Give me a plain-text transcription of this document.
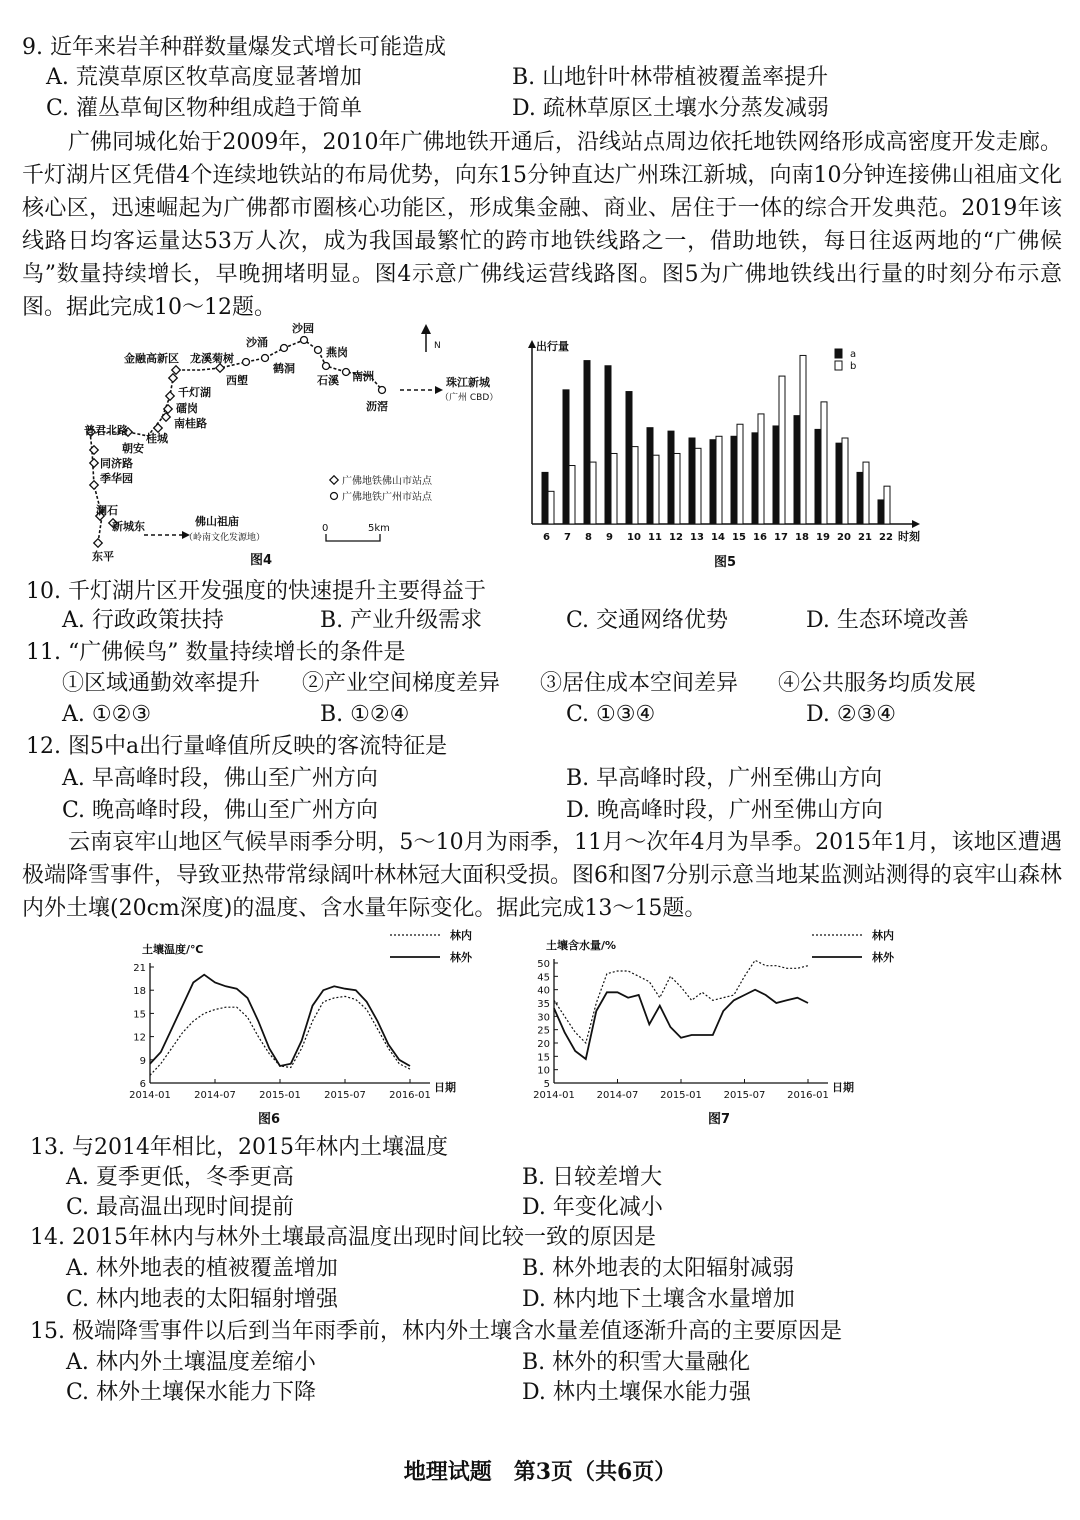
9. 近年来岩羊种群数量爆发式增长可能造成
A. 荒漠草原区牧草高度显著增加	B. 山地针叶林带植被覆盖率提升
C. 灌丛草甸区物种组成趋于简单	D. 疏林草原区土壤水分蒸发减弱
广佛同城化始于2009年，2010年广佛地铁开通后，沿线站点周边依托地铁网络形成高密度开发走廊。千灯湖片区凭借4个连续地铁站的布局优势，向东15分钟直达广州珠江新城，向南10分钟连接佛山祖庙文化核心区，迅速崛起为广佛都市圈核心功能区，形成集金融、商业、居住于一体的综合开发典范。2019年该线路日均客运量达53万人次，成为我国最繁忙的跨市地铁线路之一，借助地铁，每日往返两地的“广佛候鸟”数量持续增长，早晚拥堵明显。图4示意广佛线运营线路图。图5为广佛地铁线出行量的时刻分布示意图。据此完成10～12题。
金融高新区 龙溪菊树
西塱
鹤洞
沙涌
沙园
燕岗
石溪 南洲
沥滘
千灯湖
礌岗
南桂路
桂城
普君北路
朝安
同济路
季华园
澜石
新城东
东平
N
珠江新城
（广州 CBD）
佛山祖庙
（岭南文化发源地）
广佛地铁佛山市站点
广佛地铁广州市站点
0	5km
图4
出行量
时刻
6 7 8 9 10 11 12 13 14 15 16 17 18 19 20 21 22
a
b
图5
10. 千灯湖片区开发强度的快速提升主要得益于
A. 行政政策扶持	B. 产业升级需求	C. 交通网络优势	D. 生态环境改善
11. “广佛候鸟” 数量持续增长的条件是
①区域通勤效率提升 ②产业空间梯度差异 ③居住成本空间差异 ④公共服务均质发展
A. ①②③	B. ①②④	C. ①③④	D. ②③④
12. 图5中a出行量峰值所反映的客流特征是
A. 早高峰时段，佛山至广州方向	B. 早高峰时段，广州至佛山方向
C. 晚高峰时段，佛山至广州方向	D. 晚高峰时段，广州至佛山方向
云南哀牢山地区气候旱雨季分明，5～10月为雨季，11月～次年4月为旱季。2015年1月，该地区遭遇极端降雪事件，导致亚热带常绿阔叶林林冠大面积受损。图6和图7分别示意当地某监测站测得的哀牢山森林内外土壤(20cm深度)的温度、含水量年际变化。据此完成13～15题。
土壤温度/℃
日期
6
9
12
15
18
21
2014-01 2014-07 2015-01 2015-07 2016-01
林内
林外
图6
土壤含水量/%
日期
5
10
15
20
25
30
35
40
45
50
2014-01 2014-07 2015-01 2015-07 2016-01
林内
林外
图7
13. 与2014年相比，2015年林内土壤温度
A. 夏季更低，冬季更高	B. 日较差增大
C. 最高温出现时间提前	D. 年变化减小
14. 2015年林内与林外土壤最高温度出现时间比较一致的原因是
A. 林外地表的植被覆盖增加	B. 林外地表的太阳辐射减弱
C. 林内地表的太阳辐射增强	D. 林内地下土壤含水量增加
15. 极端降雪事件以后到当年雨季前，林内外土壤含水量差值逐渐升高的主要原因是
A. 林内外土壤温度差缩小	B. 林外的积雪大量融化
C. 林外土壤保水能力下降	D. 林内土壤保水能力强
地理试题　第3页（共6页）
